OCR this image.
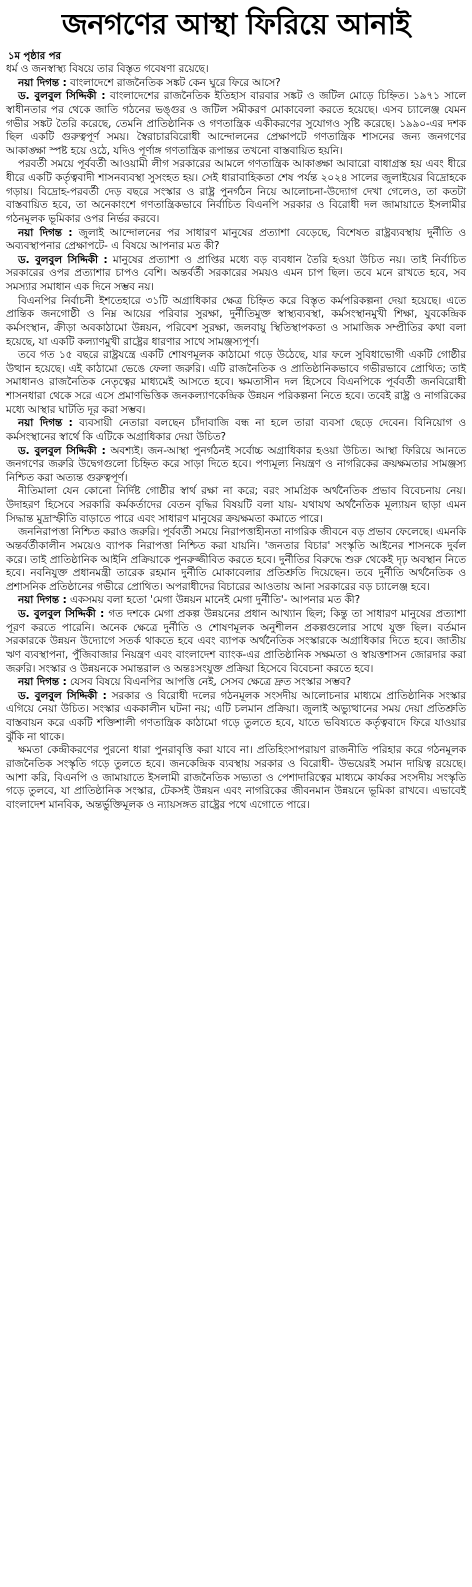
জনগণের আস্থা ফিরিয়ে আনাই
১ম পৃষ্ঠার পর

ধর্ম ও জনস্বাস্থ্য বিষয়ে তার বিস্তৃত গবেষণা রয়েছে।

নয়া দিগন্ত : বাংলাদেশে রাজনৈতিক সঙ্কট কেন ঘুরে ফিরে আসে?

ড. বুলবুল সিদ্দিকী : বাংলাদেশের রাজনৈতিক ইতিহাস বারবার সঙ্কট ও জটিল মোড়ে চিহ্নিত। ১৯৭১ সালে স্বাধীনতার পর থেকে জাতি গঠনের ভঙ্গুর ও জটিল সমীকরণ মোকাবেলা করতে হয়েছে। এসব চ্যালেঞ্জ যেমন গভীর সঙ্কট তৈরি করেছে, তেমনি প্রাতিষ্ঠানিক ও গণতান্ত্রিক একীকরণের সুযোগও সৃষ্টি করেছে। ১৯৯০-এর দশক ছিল একটি গুরুত্বপূর্ণ সময়। স্বৈরাচারবিরোধী আন্দোলনের প্রেক্ষাপটে গণতান্ত্রিক শাসনের জন্য জনগণের আকাঙ্ক্ষা স্পষ্ট হয়ে ওঠে, যদিও পূর্ণাঙ্গ গণতান্ত্রিক রূপান্তর তখনো বাস্তবায়িত হয়নি।

পরবর্তী সময়ে পূর্ববর্তী আওয়ামী লীগ সরকারের আমলে গণতান্ত্রিক আকাঙ্ক্ষা আবারো বাধাগ্রস্ত হয় এবং ধীরে ধীরে একটি কর্তৃত্ববাদী শাসনব্যবস্থা সুসংহত হয়। সেই ধারাবাহিকতা শেষ পর্যন্ত ২০২৪ সালের জুলাইয়ের বিদ্রোহকে গড়ায়। বিদ্রোহ-পরবর্তী দেড় বছরে সংস্কার ও রাষ্ট্র পুনর্গঠন নিয়ে আলোচনা-উদ্যোগ দেখা গেলেও, তা কতটা বাস্তবায়িত হবে, তা অনেকাংশে গণতান্ত্রিকভাবে নির্বাচিত বিএনপি সরকার ও বিরোধী দল জামায়াতে ইসলামীর গঠনমূলক ভূমিকার ওপর নির্ভর করবে।

নয়া দিগন্ত : জুলাই আন্দোলনের পর সাধারণ মানুষের প্রত্যাশা বেড়েছে, বিশেষত রাষ্ট্রব্যবস্থায় দুর্নীতি ও অব্যবস্থাপনার প্রেক্ষাপটে- এ বিষয়ে আপনার মত কী?

ড. বুলবুল সিদ্দিকী : মানুষের প্রত্যাশা ও প্রাপ্তির মধ্যে বড় ব্যবধান তৈরি হওয়া উচিত নয়। তাই নির্বাচিত সরকারের ওপর প্রত্যাশার চাপও বেশি। অন্তর্বর্তী সরকারের সময়ও এমন চাপ ছিল। তবে মনে রাখতে হবে, সব সমস্যার সমাধান এক দিনে সম্ভব নয়।

বিএনপির নির্বাচনী ইশতেহারে ৩১টি অগ্রাধিকার ক্ষেত্র চিহ্নিত করে বিস্তৃত কর্মপরিকল্পনা দেয়া হয়েছে। এতে প্রান্তিক জনগোষ্ঠী ও নিম্ন আয়ের পরিবার সুরক্ষা, দুর্নীতিমুক্ত স্বাস্থ্যব্যবস্থা, কর্মসংস্থানমুখী শিক্ষা, যুবকেন্দ্রিক কর্মসংস্থান, ক্রীড়া অবকাঠামো উন্নয়ন, পরিবেশ সুরক্ষা, জলবায়ু স্থিতিস্থাপকতা ও সামাজিক সম্প্রীতির কথা বলা হয়েছে, যা একটি কল্যাণমুখী রাষ্ট্রের ধারণার সাথে সামঞ্জস্যপূর্ণ।

তবে গত ১৫ বছরে রাষ্ট্রযন্ত্রে একটি শোষণমূলক কাঠামো গড়ে উঠেছে, যার ফলে সুবিধাভোগী একটি গোষ্ঠীর উত্থান হয়েছে। এই কাঠামো ভেঙে ফেলা জরুরি। এটি রাজনৈতিক ও প্রাতিষ্ঠানিকভাবে গভীরভাবে প্রোথিত; তাই সমাধানও রাজনৈতিক নেতৃত্বের মাধ্যমেই আসতে হবে। ক্ষমতাসীন দল হিসেবে বিএনপিকে পূর্ববর্তী জনবিরোধী শাসনধারা থেকে সরে এসে প্রমাণভিত্তিক জনকল্যাণকেন্দ্রিক উন্নয়ন পরিকল্পনা নিতে হবে। তবেই রাষ্ট্র ও নাগরিকের মধ্যে আস্থার ঘাটতি দূর করা সম্ভব।

নয়া দিগন্ত : ব্যবসায়ী নেতারা বলছেন চাঁদাবাজি বন্ধ না হলে তারা ব্যবসা ছেড়ে দেবেন। বিনিয়োগ ও কর্মসংস্থানের স্বার্থে কি এটিকে অগ্রাধিকার দেয়া উচিত?

ড. বুলবুল সিদ্দিকী : অবশ্যই। জন-আস্থা পুনর্গঠনই সর্বোচ্চ অগ্রাধিকার হওয়া উচিত। আস্থা ফিরিয়ে আনতে জনগণের জরুরি উদ্বেগগুলো চিহ্নিত করে সাড়া দিতে হবে। পণ্যমূল্য নিয়ন্ত্রণ ও নাগরিকের ক্রয়ক্ষমতার সামঞ্জস্য নিশ্চিত করা অত্যন্ত গুরুত্বপূর্ণ।

নীতিমালা যেন কোনো নির্দিষ্ট গোষ্ঠীর স্বার্থ রক্ষা না করে; বরং সামগ্রিক অর্থনৈতিক প্রভাব বিবেচনায় নেয়। উদাহরণ হিসেবে সরকারি কর্মকর্তাদের বেতন বৃদ্ধির বিষয়টি বলা যায়- যথাযথ অর্থনৈতিক মূল্যায়ন ছাড়া এমন সিদ্ধান্ত মুদ্রাস্ফীতি বাড়াতে পারে এবং সাধারণ মানুষের ক্রয়ক্ষমতা কমাতে পারে।

জননিরাপত্তা নিশ্চিত করাও জরুরি। পূর্ববর্তী সময়ে নিরাপত্তাহীনতা নাগরিক জীবনে বড় প্রভাব ফেলেছে। এমনকি অন্তর্বর্তীকালীন সময়েও ব্যাপক নিরাপত্তা নিশ্চিত করা যায়নি। 'জনতার বিচার' সংস্কৃতি আইনের শাসনকে দুর্বল করে। তাই প্রাতিষ্ঠানিক আইনি প্রক্রিয়াকে পুনরুজ্জীবিত করতে হবে। দুর্নীতির বিরুদ্ধে শুরু থেকেই দৃঢ় অবস্থান নিতে হবে। নবনিযুক্ত প্রধানমন্ত্রী তারেক রহমান দুর্নীতি মোকাবেলার প্রতিশ্রুতি দিয়েছেন। তবে দুর্নীতি অর্থনৈতিক ও প্রশাসনিক প্রতিষ্ঠানের গভীরে প্রোথিত। অপরাধীদের বিচারের আওতায় আনা সরকারের বড় চ্যালেঞ্জ হবে।

নয়া দিগন্ত : একসময় বলা হতো 'মেগা উন্নয়ন মানেই মেগা দুর্নীতি'- আপনার মত কী?

ড. বুলবুল সিদ্দিকী : গত দশকে মেগা প্রকল্প উন্নয়নের প্রধান আখ্যান ছিল; কিন্তু তা সাধারণ মানুষের প্রত্যাশা পূরণ করতে পারেনি। অনেক ক্ষেত্রে দুর্নীতি ও শোষণমূলক অনুশীলন প্রকল্পগুলোর সাথে যুক্ত ছিল। বর্তমান সরকারকে উন্নয়ন উদ্যোগে সতর্ক থাকতে হবে এবং ব্যাপক অর্থনৈতিক সংস্কারকে অগ্রাধিকার দিতে হবে। জাতীয় ঋণ ব্যবস্থাপনা, পুঁজিবাজার নিয়ন্ত্রণ এবং বাংলাদেশ ব্যাংক-এর প্রাতিষ্ঠানিক সক্ষমতা ও স্বায়ত্তশাসন জোরদার করা জরুরি। সংস্কার ও উন্নয়নকে সমান্তরাল ও অন্তঃসংযুক্ত প্রক্রিয়া হিসেবে বিবেচনা করতে হবে।

নয়া দিগন্ত : যেসব বিষয়ে বিএনপির আপত্তি নেই, সেসব ক্ষেত্রে দ্রুত সংস্কার সম্ভব?

ড. বুলবুল সিদ্দিকী : সরকার ও বিরোধী দলের গঠনমূলক সংসদীয় আলোচনার মাধ্যমে প্রাতিষ্ঠানিক সংস্কার এগিয়ে নেয়া উচিত। সংস্কার এককালীন ঘটনা নয়; এটি চলমান প্রক্রিয়া। জুলাই অভ্যুত্থানের সময় দেয়া প্রতিশ্রুতি বাস্তবায়ন করে একটি শক্তিশালী গণতান্ত্রিক কাঠামো গড়ে তুলতে হবে, যাতে ভবিষ্যতে কর্তৃত্ববাদে ফিরে যাওয়ার ঝুঁকি না থাকে।

ক্ষমতা কেন্দ্রীকরণের পুরনো ধারা পুনরাবৃত্তি করা যাবে না। প্রতিহিংসাপরায়ণ রাজনীতি পরিহার করে গঠনমূলক রাজনৈতিক সংস্কৃতি গড়ে তুলতে হবে। জনকেন্দ্রিক ব্যবস্থায় সরকার ও বিরোধী- উভয়েরই সমান দায়িত্ব রয়েছে। আশা করি, বিএনপি ও জামায়াতে ইসলামী রাজনৈতিক সভ্যতা ও পেশাদারিত্বের মাধ্যমে কার্যকর সংসদীয় সংস্কৃতি গড়ে তুলবে, যা প্রাতিষ্ঠানিক সংস্কার, টেকসই উন্নয়ন এবং নাগরিকের জীবনমান উন্নয়নে ভূমিকা রাখবে। এভাবেই বাংলাদেশ মানবিক, অন্তর্ভুক্তিমূলক ও ন্যায়সঙ্গত রাষ্ট্রের পথে এগোতে পারে।
